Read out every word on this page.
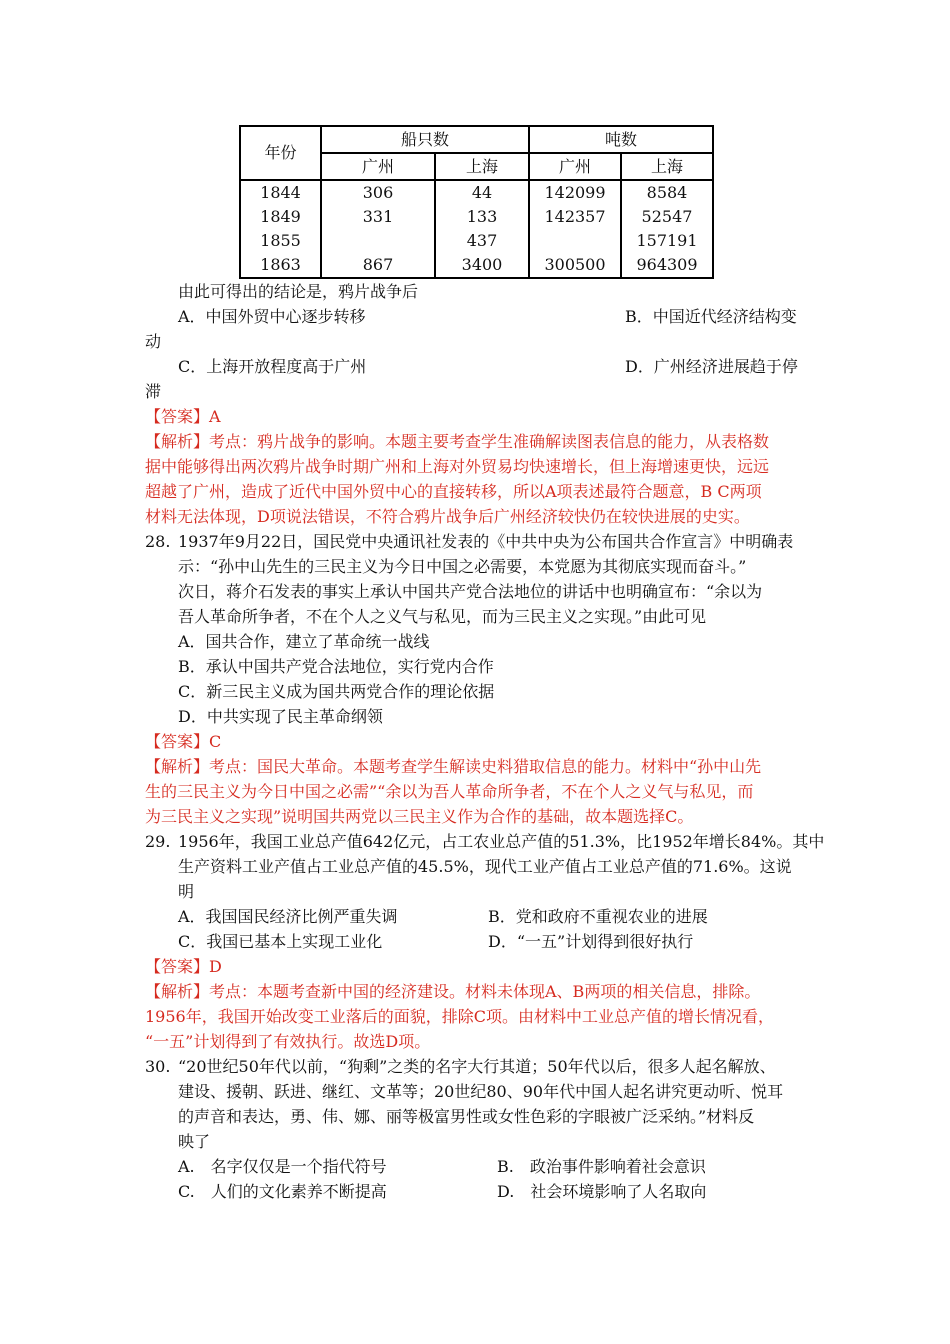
年份	船只数		吨数	
	广州	上海	广州	上海
1844	306	44	142099	8584
1849	331	133	142357	52547
1855		437		157191
1863	867	3400	300500	964309
由此可得出的结论是，鸦片战争后
A．中国外贸中心逐步转移	B．中国近代经济结构变
动
C．上海开放程度高于广州	D．广州经济进展趋于停
滞
【答案】A
【解析】考点：鸦片战争的影响。本题主要考查学生准确解读图表信息的能力，从表格数
据中能够得出两次鸦片战争时期广州和上海对外贸易均快速增长，但上海增速更快，远远
超越了广州，造成了近代中国外贸中心的直接转移，所以A项表述最符合题意，B C两项
材料无法体现，D项说法错误，不符合鸦片战争后广州经济较快仍在较快进展的史实。
28. 1937年9月22日，国民党中央通讯社发表的《中共中央为公布国共合作宣言》中明确表
示：“孙中山先生的三民主义为今日中国之必需要，本党愿为其彻底实现而奋斗。”
次日，蒋介石发表的事实上承认中国共产党合法地位的讲话中也明确宣布：“余以为
吾人革命所争者，不在个人之义气与私见，而为三民主义之实现。”由此可见
A．国共合作，建立了革命统一战线
B．承认中国共产党合法地位，实行党内合作
C．新三民主义成为国共两党合作的理论依据
D．中共实现了民主革命纲领
【答案】C
【解析】考点：国民大革命。本题考查学生解读史料猎取信息的能力。材料中“孙中山先
生的三民主义为今日中国之必需”“余以为吾人革命所争者，不在个人之义气与私见，而
为三民主义之实现”说明国共两党以三民主义作为合作的基础，故本题选择C。
29. 1956年，我国工业总产值642亿元，占工农业总产值的51.3%，比1952年增长84%。其中
生产资料工业产值占工业总产值的45.5%，现代工业产值占工业总产值的71.6%。这说
明
A．我国国民经济比例严重失调	B．党和政府不重视农业的进展
C．我国已基本上实现工业化	D．“一五”计划得到很好执行
【答案】D
【解析】考点：本题考查新中国的经济建设。材料未体现A、B两项的相关信息，排除。
1956年，我国开始改变工业落后的面貌，排除C项。由材料中工业总产值的增长情况看，
“一五”计划得到了有效执行。故选D项。
30. “20世纪50年代以前，“狗剩”之类的名字大行其道；50年代以后，很多人起名解放、
建设、援朝、跃进、继红、文革等；20世纪80、90年代中国人起名讲究更动听、悦耳
的声音和表达，勇、伟、娜、丽等极富男性或女性色彩的字眼被广泛采纳。”材料反
映了
A.　名字仅仅是一个指代符号	B.　政治事件影响着社会意识
C.　人们的文化素养不断提高	D.　社会环境影响了人名取向
